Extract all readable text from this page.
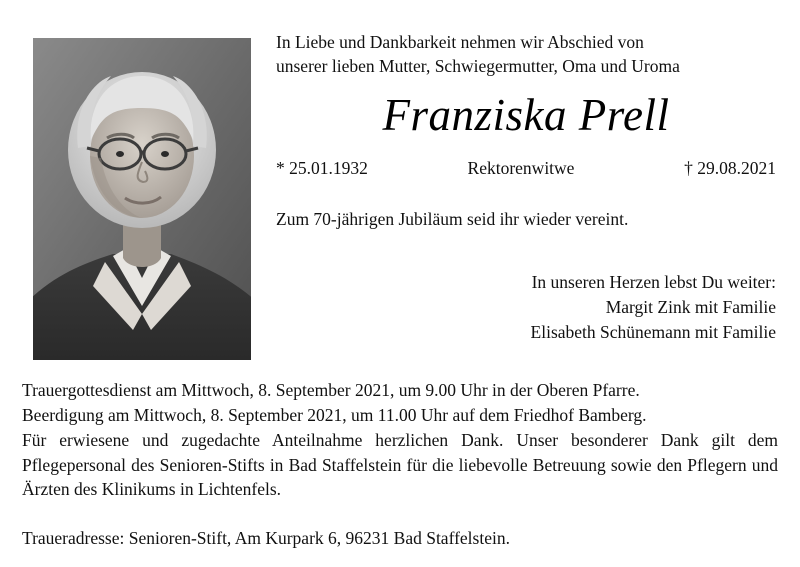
In Liebe und Dankbarkeit nehmen wir Abschied von
unserer lieben Mutter, Schwiegermutter, Oma und Uroma
Franziska Prell
* 25.01.1932	Rektorenwitwe	† 29.08.2021
Zum 70-jährigen Jubiläum seid ihr wieder vereint.
In unseren Herzen lebst Du weiter:
Margit Zink mit Familie
Elisabeth Schünemann mit Familie

Trauergottesdienst am Mittwoch, 8. September 2021, um 9.00 Uhr in der Oberen Pfarre.

Beerdigung am Mittwoch, 8. September 2021, um 11.00 Uhr auf dem Friedhof Bamberg.

Für erwiesene und zugedachte Anteilnahme herzlichen Dank. Unser besonderer Dank gilt dem Pflegepersonal des Senioren-Stifts in Bad Staffelstein für die liebevolle Betreuung sowie den Pflegern und Ärzten des Klinikums in Lichtenfels.

Traueradresse: Senioren-Stift, Am Kurpark 6, 96231 Bad Staffelstein.
